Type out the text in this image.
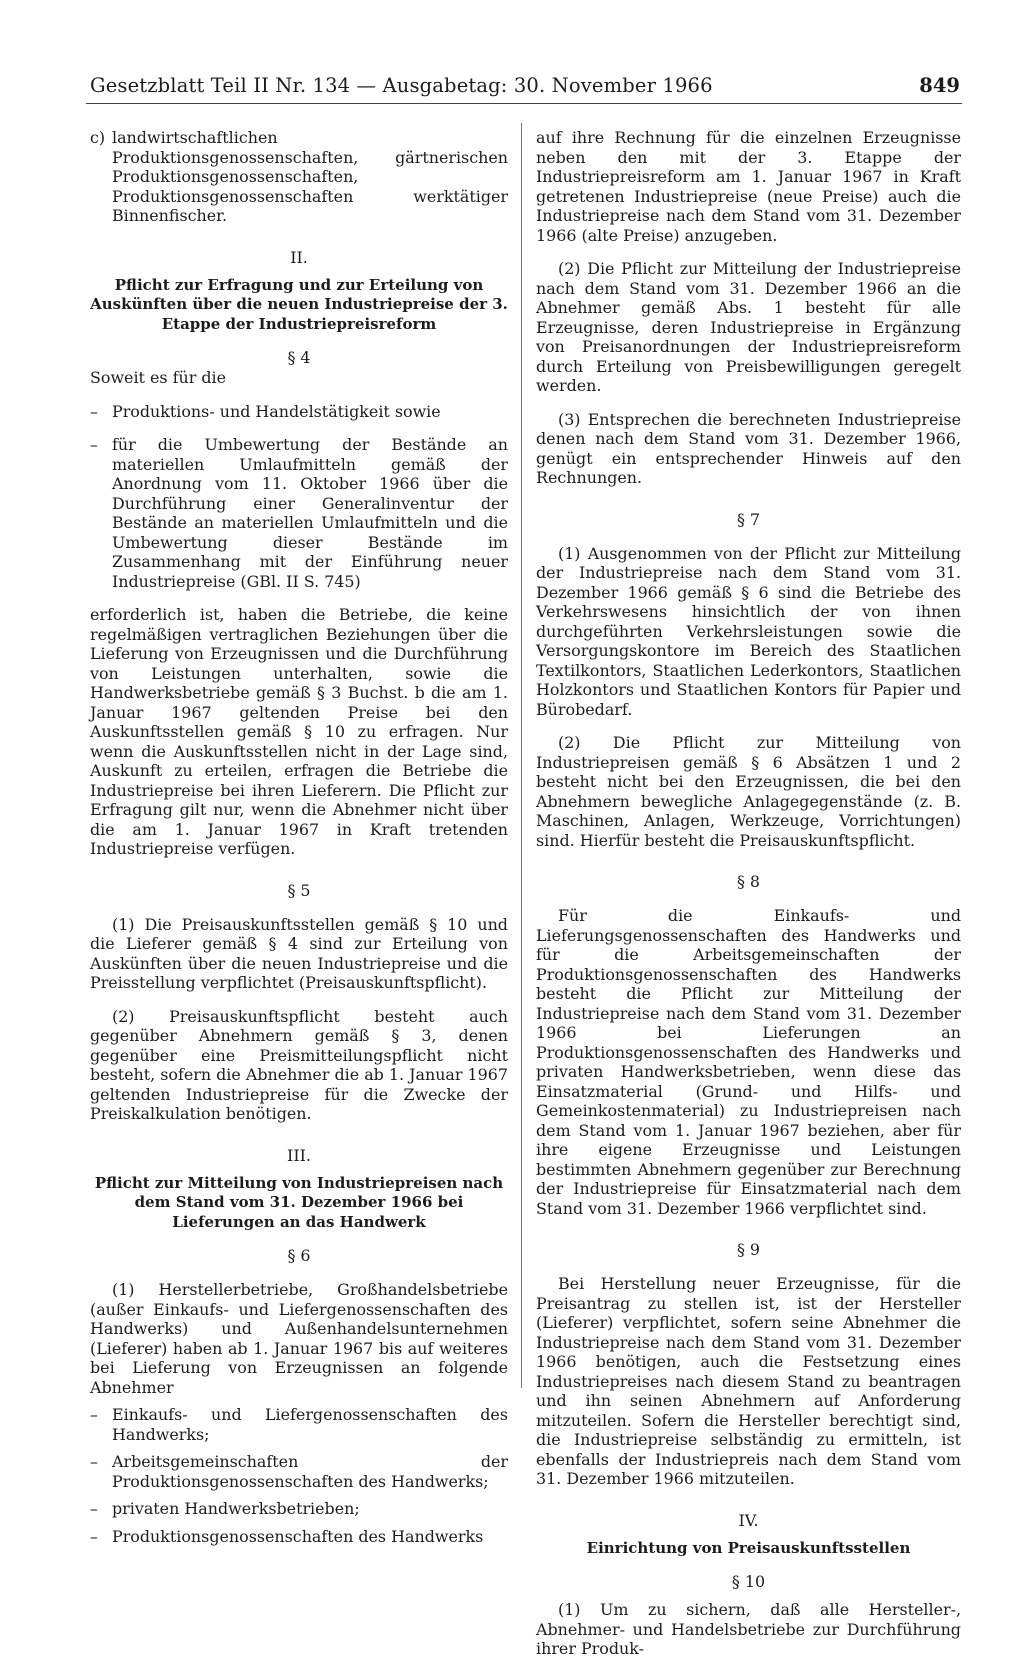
Gesetzblatt Teil II Nr. 134 — Ausgabetag: 30. November 1966	849
c) landwirtschaftlichen Produktionsgenossenschaften, gärtnerischen Produktionsgenossenschaften, Produktionsgenossenschaften werktätiger Binnenfischer.
II.
Pflicht zur Erfragung und zur Erteilung von Auskünften über die neuen Industriepreise der 3. Etappe der Industriepreisreform
§ 4

Soweit es für die

– Produktions- und Handelstätigkeit sowie
– für die Umbewertung der Bestände an materiellen Umlaufmitteln gemäß der Anordnung vom 11. Oktober 1966 über die Durchführung einer Generalinventur der Bestände an materiellen Umlaufmitteln und die Umbewertung dieser Bestände im Zusammenhang mit der Einführung neuer Industriepreise (GBl. II S. 745)

erforderlich ist, haben die Betriebe, die keine regelmäßigen vertraglichen Beziehungen über die Lieferung von Erzeugnissen und die Durchführung von Leistungen unterhalten, sowie die Handwerksbetriebe gemäß § 3 Buchst. b die am 1. Januar 1967 geltenden Preise bei den Auskunftsstellen gemäß § 10 zu erfragen. Nur wenn die Auskunftsstellen nicht in der Lage sind, Auskunft zu erteilen, erfragen die Betriebe die Industriepreise bei ihren Lieferern. Die Pflicht zur Erfragung gilt nur, wenn die Abnehmer nicht über die am 1. Januar 1967 in Kraft tretenden Industriepreise verfügen.

§ 5

(1) Die Preisauskunftsstellen gemäß § 10 und die Lieferer gemäß § 4 sind zur Erteilung von Auskünften über die neuen Industriepreise und die Preisstellung verpflichtet (Preisauskunftspflicht).

(2) Preisauskunftspflicht besteht auch gegenüber Abnehmern gemäß § 3, denen gegenüber eine Preismitteilungspflicht nicht besteht, sofern die Abnehmer die ab 1. Januar 1967 geltenden Industriepreise für die Zwecke der Preiskalkulation benötigen.

III.
Pflicht zur Mitteilung von Industriepreisen nach dem Stand vom 31. Dezember 1966 bei Lieferungen an das Handwerk
§ 6

(1) Herstellerbetriebe, Großhandelsbetriebe (außer Einkaufs- und Liefergenossenschaften des Handwerks) und Außenhandelsunternehmen (Lieferer) haben ab 1. Januar 1967 bis auf weiteres bei Lieferung von Erzeugnissen an folgende Abnehmer

– Einkaufs- und Liefergenossenschaften des Handwerks;
– Arbeitsgemeinschaften der Produktionsgenossenschaften des Handwerks;
– privaten Handwerksbetrieben;
– Produktionsgenossenschaften des Handwerks

auf ihre Rechnung für die einzelnen Erzeugnisse neben den mit der 3. Etappe der Industriepreisreform am 1. Januar 1967 in Kraft getretenen Industriepreise (neue Preise) auch die Industriepreise nach dem Stand vom 31. Dezember 1966 (alte Preise) anzugeben.

(2) Die Pflicht zur Mitteilung der Industriepreise nach dem Stand vom 31. Dezember 1966 an die Abnehmer gemäß Abs. 1 besteht für alle Erzeugnisse, deren Industriepreise in Ergänzung von Preisanordnungen der Industriepreisreform durch Erteilung von Preisbewilligungen geregelt werden.

(3) Entsprechen die berechneten Industriepreise denen nach dem Stand vom 31. Dezember 1966, genügt ein entsprechender Hinweis auf den Rechnungen.

§ 7

(1) Ausgenommen von der Pflicht zur Mitteilung der Industriepreise nach dem Stand vom 31. Dezember 1966 gemäß § 6 sind die Betriebe des Verkehrswesens hinsichtlich der von ihnen durchgeführten Verkehrsleistungen sowie die Versorgungskontore im Bereich des Staatlichen Textilkontors, Staatlichen Lederkontors, Staatlichen Holzkontors und Staatlichen Kontors für Papier und Bürobedarf.

(2) Die Pflicht zur Mitteilung von Industriepreisen gemäß § 6 Absätzen 1 und 2 besteht nicht bei den Erzeugnissen, die bei den Abnehmern bewegliche Anlagegegenstände (z. B. Maschinen, Anlagen, Werkzeuge, Vorrichtungen) sind. Hierfür besteht die Preisauskunftspflicht.

§ 8

Für die Einkaufs- und Lieferungsgenossenschaften des Handwerks und für die Arbeitsgemeinschaften der Produktionsgenossenschaften des Handwerks besteht die Pflicht zur Mitteilung der Industriepreise nach dem Stand vom 31. Dezember 1966 bei Lieferungen an Produktionsgenossenschaften des Handwerks und privaten Handwerksbetrieben, wenn diese das Einsatzmaterial (Grund- und Hilfs- und Gemeinkostenmaterial) zu Industriepreisen nach dem Stand vom 1. Januar 1967 beziehen, aber für ihre eigene Erzeugnisse und Leistungen bestimmten Abnehmern gegenüber zur Berechnung der Industriepreise für Einsatzmaterial nach dem Stand vom 31. Dezember 1966 verpflichtet sind.

§ 9

Bei Herstellung neuer Erzeugnisse, für die Preisantrag zu stellen ist, ist der Hersteller (Lieferer) verpflichtet, sofern seine Abnehmer die Industriepreise nach dem Stand vom 31. Dezember 1966 benötigen, auch die Festsetzung eines Industriepreises nach diesem Stand zu beantragen und ihn seinen Abnehmern auf Anforderung mitzuteilen. Sofern die Hersteller berechtigt sind, die Industriepreise selbständig zu ermitteln, ist ebenfalls der Industriepreis nach dem Stand vom 31. Dezember 1966 mitzuteilen.

IV.
Einrichtung von Preisauskunftsstellen
§ 10

(1) Um zu sichern, daß alle Hersteller-, Abnehmer- und Handelsbetriebe zur Durchführung ihrer Produk-
